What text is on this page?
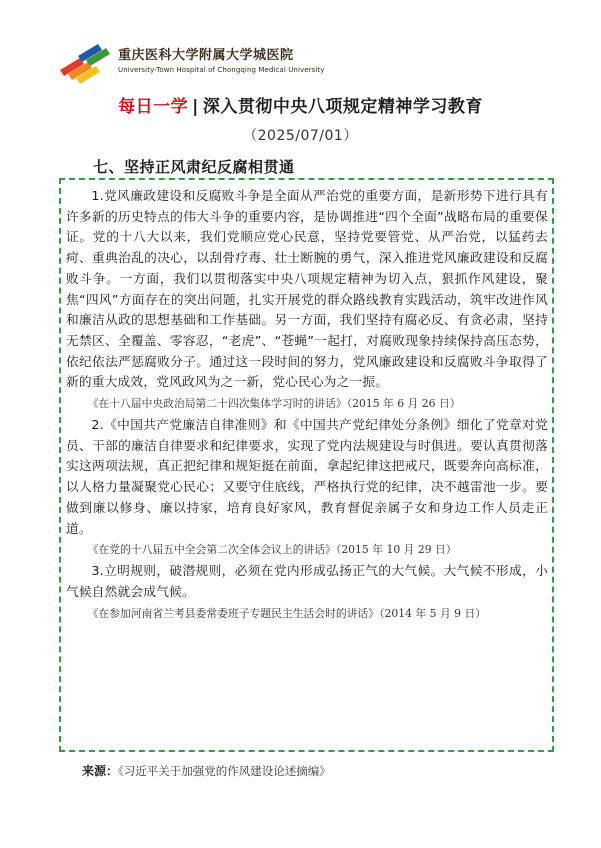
重庆医科大学附属大学城医院
University-Town Hospital of Chongqing Medical University
每日一学 | 深入贯彻中央八项规定精神学习教育
（2025/07/01）
七、坚持正风肃纪反腐相贯通

1.党风廉政建设和反腐败斗争是全面从严治党的重要方面，是新形势下进行具有许多新的历史特点的伟大斗争的重要内容，是协调推进“四个全面”战略布局的重要保证。党的十八大以来，我们党顺应党心民意，坚持党要管党、从严治党，以猛药去疴、重典治乱的决心，以刮骨疗毒、壮士断腕的勇气，深入推进党风廉政建设和反腐败斗争。一方面，我们以贯彻落实中央八项规定精神为切入点，狠抓作风建设，聚焦“四风”方面存在的突出问题，扎实开展党的群众路线教育实践活动，筑牢改进作风和廉洁从政的思想基础和工作基础。另一方面，我们坚持有腐必反、有贪必肃，坚持无禁区、全覆盖、零容忍，“老虎”、“苍蝇”一起打，对腐败现象持续保持高压态势，依纪依法严惩腐败分子。通过这一段时间的努力，党风廉政建设和反腐败斗争取得了新的重大成效，党风政风为之一新，党心民心为之一振。

《在十八届中央政治局第二十四次集体学习时的讲话》（2015 年 6 月 26 日）

2.《中国共产党廉洁自律准则》和《中国共产党纪律处分条例》细化了党章对党员、干部的廉洁自律要求和纪律要求，实现了党内法规建设与时俱进。要认真贯彻落实这两项法规，真正把纪律和规矩挺在前面，拿起纪律这把戒尺，既要奔向高标准，以人格力量凝聚党心民心；又要守住底线，严格执行党的纪律，决不越雷池一步。要做到廉以修身、廉以持家，培育良好家风，教育督促亲属子女和身边工作人员走正道。

《在党的十八届五中全会第二次全体会议上的讲话》（2015 年 10 月 29 日）

3.立明规则，破潜规则，必须在党内形成弘扬正气的大气候。大气候不形成，小气候自然就会成气候。

《在参加河南省兰考县委常委班子专题民主生活会时的讲话》（2014 年 5 月 9 日）

来源：《习近平关于加强党的作风建设论述摘编》
